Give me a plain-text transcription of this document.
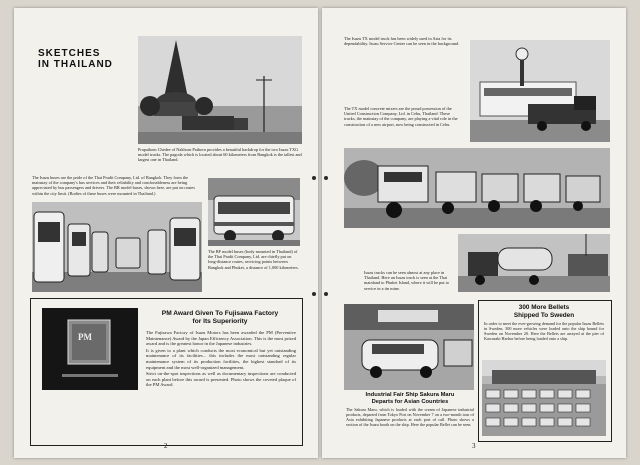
SKETCHES
IN THAILAND
Prapathom Chedee of Nakhorn Pathorn provides a beautiful backdrop for the two Isuzu TXG model trucks. The pagoda which is located about 60 kilometers from Bangkok is the tallest and largest one in Thailand.
The Isuzu buses are the pride of the Thai Pradit Company, Ltd. of Bangkok. They form the mainstay of the company's bus services and their reliability and comfortableness are being appreciated by bus passengers and drivers. The BR model buses, shown here, are put on routes within the city limit. (Bodies of these buses were mounted in Thailand.)
The BF model buses (body mounted in Thailand) of the Thai Pradit Company, Ltd. are chiefly put on long-distance routes, servicing points between Bangkok and Phuket, a distance of 1,000 kilometers.
PM
PM Award Given To Fujisawa Factory
for Its Superiority
The Fujisawa Factory of Isuzu Motors has been awarded the PM (Preventive Maintenance) Award by the Japan Efficiency Association. This is the most prized award and is the greatest honor in the Japanese industries.
It is given to a plant which conducts the most economical but yet outstanding maintenance of its facilities... this includes the most outstanding regular maintenance system of its production facilities, the highest standard of its equipment and the most well-organized management.
Strict on-the-spot inspections as well as documentary inspections are conducted on each plant before this award is presented. Photo shows the coveted plaque of the PM Award.
2
The Isuzu TX model truck has been widely used in Asia for its dependability. Isuzu Service Center can be seen in the background.
The TX model concrete mixers are the proud possession of the United Construction Company, Ltd. in Cebu, Thailand. These trucks, the mainstay of the company, are playing a vital role in the construction of a new airport, now being constructed in Cebu.
Isuzu trucks can be seen almost at any place in Thailand. Here an Isuzu truck is seen at the Thai mainland to Phuket Island, where it will be put to service in a tin mine.
Industrial Fair Ship Sakura Maru
Departs for Asian Countries
The Sakura Maru, which is loaded with the cream of Japanese industrial products, departed from Tokyo Port on November 7 on a two-month tour of Asia exhibiting Japanese products at each port of call. Photo shows a section of the Isuzu booth on the ship. Here the popular Bellet can be seen.
300 More Bellets
Shipped To Sweden
In order to meet the ever-growing demand for the popular Isuzu Bellets in Sweden, 300 more vehicles were loaded onto the ship bound for Sweden on November 20. Here the Bellets are arrayed at the pier of Kawasaki Harbor before being loaded onto a ship.
3
